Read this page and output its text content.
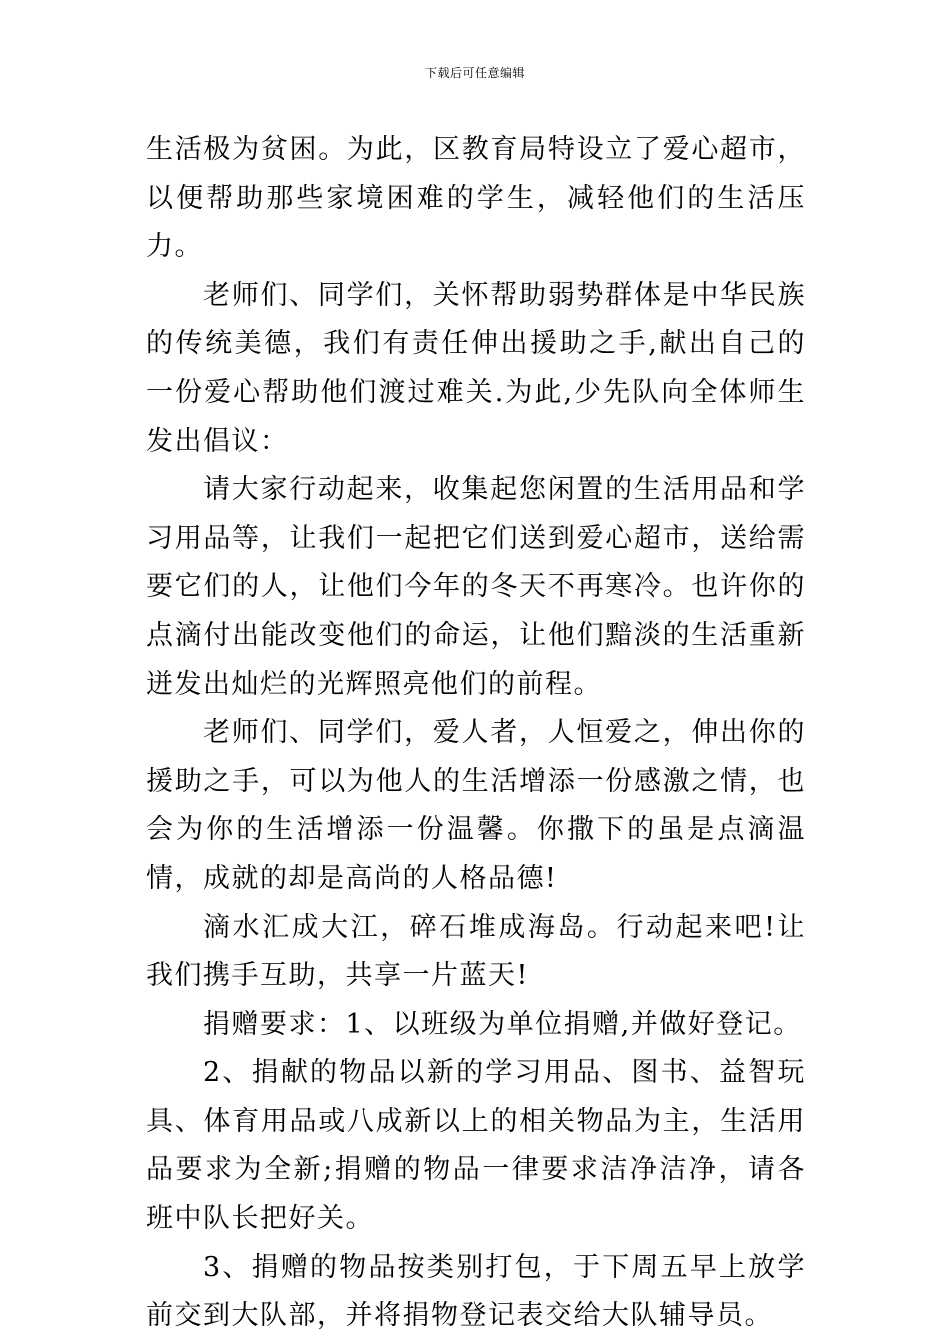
下载后可任意编辑

生活极为贫困。为此，区教育局特设立了爱心超市，以便帮助那些家境困难的学生，减轻他们的生活压力。

老师们、同学们，关怀帮助弱势群体是中华民族的传统美德，我们有责任伸出援助之手,献出自己的一份爱心帮助他们渡过难关.为此,少先队向全体师生发出倡议：

请大家行动起来，收集起您闲置的生活用品和学习用品等，让我们一起把它们送到爱心超市，送给需要它们的人，让他们今年的冬天不再寒冷。也许你的点滴付出能改变他们的命运，让他们黯淡的生活重新迸发出灿烂的光辉照亮他们的前程。

老师们、同学们，爱人者，人恒爱之，伸出你的援助之手，可以为他人的生活增添一份感激之情，也会为你的生活增添一份温馨。你撒下的虽是点滴温情，成就的却是高尚的人格品德!

滴水汇成大江，碎石堆成海岛。行动起来吧!让我们携手互助，共享一片蓝天!

捐赠要求：1、以班级为单位捐赠,并做好登记。

2、捐献的物品以新的学习用品、图书、益智玩具、体育用品或八成新以上的相关物品为主，生活用品要求为全新;捐赠的物品一律要求洁净洁净，请各班中队长把好关。

3、捐赠的物品按类别打包，于下周五早上放学前交到大队部，并将捐物登记表交给大队辅导员。
